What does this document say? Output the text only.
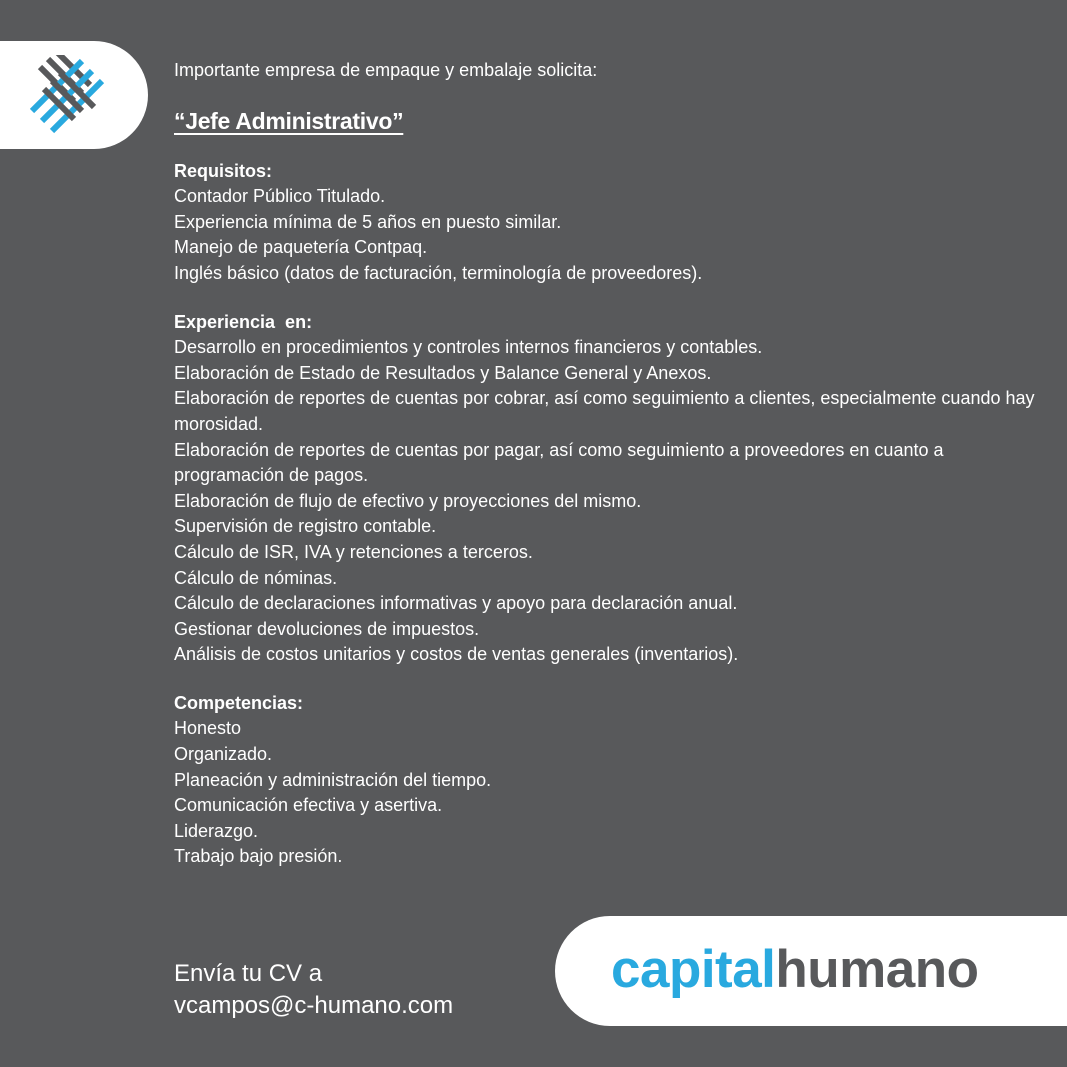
Importante empresa de empaque y embalaje solicita:

“Jefe Administrativo”
Requisitos:
Contador Público Titulado.
Experiencia mínima de 5 años en puesto similar.
Manejo de paquetería Contpaq.
Inglés básico (datos de facturación, terminología de proveedores).
Experiencia  en:
Desarrollo en procedimientos y controles internos financieros y contables.
Elaboración de Estado de Resultados y Balance General y Anexos.
Elaboración de reportes de cuentas por cobrar, así como seguimiento a clientes, especialmente cuando hay morosidad.
Elaboración de reportes de cuentas por pagar, así como seguimiento a proveedores en cuanto a programación de pagos.
Elaboración de flujo de efectivo y proyecciones del mismo.
Supervisión de registro contable.
Cálculo de ISR, IVA y retenciones a terceros.
Cálculo de nóminas.
Cálculo de declaraciones informativas y apoyo para declaración anual.
Gestionar devoluciones de impuestos.
Análisis de costos unitarios y costos de ventas generales (inventarios).
Competencias:
Honesto
Organizado.
Planeación y administración del tiempo.
Comunicación efectiva y asertiva.
Liderazgo.
Trabajo bajo presión.
Envía tu CV a
vcampos@c-humano.com
capitalhumano
